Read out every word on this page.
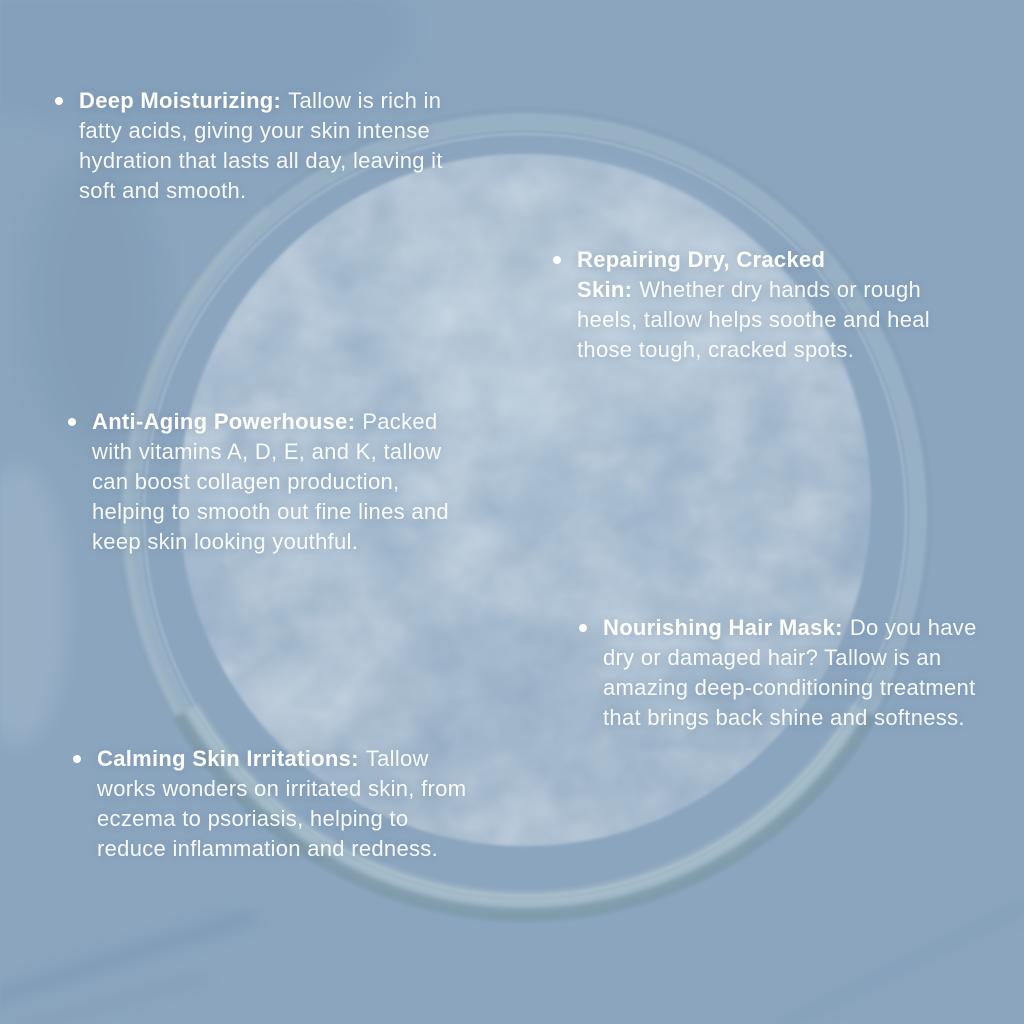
Deep Moisturizing: Tallow is rich in fatty acids, giving your skin intense hydration that lasts all day, leaving it soft and smooth.
Repairing Dry, Cracked Skin: Whether dry hands or rough heels, tallow helps soothe and heal those tough, cracked spots.
Anti-Aging Powerhouse: Packed with vitamins A, D, E, and K, tallow can boost collagen production, helping to smooth out fine lines and keep skin looking youthful.
Nourishing Hair Mask: Do you have dry or damaged hair? Tallow is an amazing deep-conditioning treatment that brings back shine and softness.
Calming Skin Irritations: Tallow works wonders on irritated skin, from eczema to psoriasis, helping to reduce inflammation and redness.
